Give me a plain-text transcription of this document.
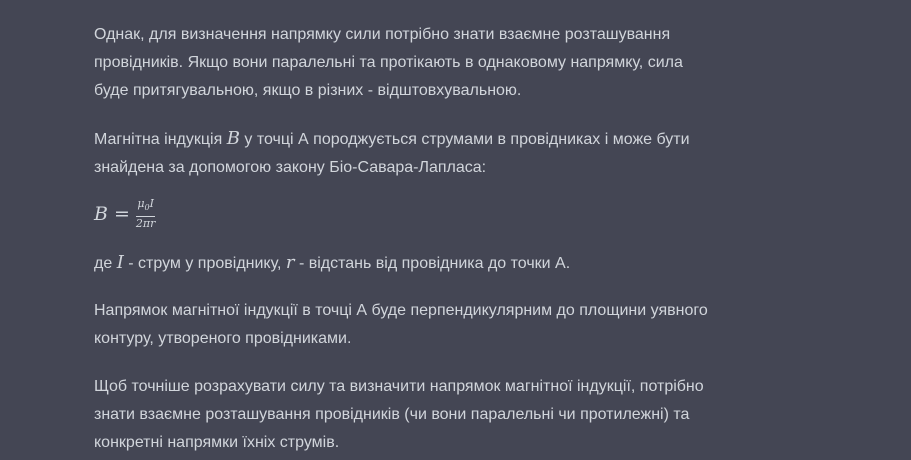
Однак, для визначення напрямку сили потрібно знати взаємне розташування
провідників. Якщо вони паралельні та протікають в однаковому напрямку, сила
буде притягувальною, якщо в різних - відштовхувальною.

Магнітна індукція B у точці А породжується струмами в провідниках і може бути
знайдена за допомогою закону Біо-Савара-Лапласа:

$B = \frac{\mu_0I}{2\pi r}$

де I - струм у провіднику, r - відстань від провідника до точки А.

Напрямок магнітної індукції в точці А буде перпендикулярним до площини уявного
контуру, утвореного провідниками.

Щоб точніше розрахувати силу та визначити напрямок магнітної індукції, потрібно
знати взаємне розташування провідників (чи вони паралельні чи протилежні) та
конкретні напрямки їхніх струмів.
